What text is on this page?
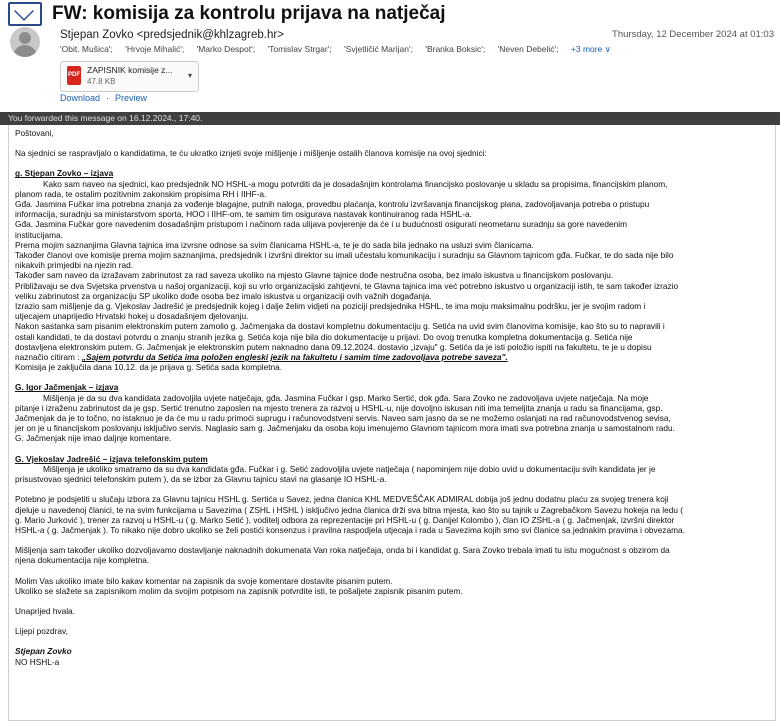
FW: komisija za kontrolu prijava na natječaj
Stjepan Zovko <predsjednik@khlzagreb.hr>	Thursday, 12 December 2024 at 01:03
'Obit. Mušica'; 'Hrvoje Mihalić'; 'Marko Despot'; 'Tomislav Strgar'; 'Svjetličić Marijan'; 'Branka Boksic'; 'Neven Debelić'; +3 more ∨
PDF ZAPISNIK komisije z...
47.8 KB
▾
Download · Preview
You forwarded this message on 16.12.2024., 17:40.

Poštovani,

Na sjednici se raspravljalo o kandidatima, te ću ukratko iznjeti svoje mišljenje i mišljenje ostalih članova komisije na ovoj sjednici:

g. Stjepan Zovko – izjava

Kako sam naveo na sjednici, kao predsjednik NO HSHL-a mogu potvrditi da je dosadašnjim kontrolama financijsko poslovanje u skladu sa propisima, financijskim planom,

planom rada, te ostalim pozitivnim zakonskim propisima RH i IIHF-a.

Gđa. Jasmina Fučkar ima potrebna znanja za vođenje blagajne, putnih naloga, provedbu plaćanja, kontrolu izvršavanja financijskog plana, zadovoljavanja potreba o pristupu

informacija, suradnju sa ministarstvom sporta, HOO i IIHF-om, te samim tim osigurava nastavak kontinuiranog rada HSHL-a.

Gđa. Jasmina Fučkar gore navedenim dosadašnjim pristupom i načinom rada ulijava povjerenje da će i u budućnosti osigurati neometanu suradnju sa gore navedenim

institucijama.

Prema mojim saznanjima Glavna tajnica ima izvrsne odnose sa svim članicama HSHL-a, te je do sada bila jednako na usluzi svim članicama.

Također članovi ove komisije prema mojim saznanjima, predsjednik i izvršni direktor su imali učestalu komunikaciju i suradnju sa Glavnom tajnicom gđa. Fučkar, te do sada nije bilo

nikakvih primjedbi na njezin rad.

Također sam naveo da izražavam zabrinutost za rad saveza ukoliko na mjesto Glavne tajnice dođe nestručna osoba, bez imalo iskustva u financijskom poslovanju.

Približavaju se dva Svjetska prvenstva u našoj organizaciji, koji su vrlo organizacijski zahtjevni, te Glavna tajnica ima već potrebno iskustvo u organizaciji istih, te sam također izrazio

veliku zabrinutost za organizaciju SP ukoliko dođe osoba bez imalo iskustva u organizaciji ovih važnih događanja.

Izrazio sam mišljenje da g. Vjekoslav Jadrešić je predsjednik kojeg i dalje želim vidjeti na poziciji predsjednika HSHL, te ima moju maksimalnu podršku, jer je svojim radom i

utjecajem unaprijedio Hrvatski hokej u dosadašnjem djelovanju.

Nakon sastanka sam pisanim elektronskim putem zamolio g. Jačmenjaka da dostavi kompletnu dokumentaciju g. Setića na uvid svim članovima komisije, kao što su to napravili i

ostali kandidati, te da dostavi potvrdu o znanju stranih jezika g. Setića koja nije bila dio dokumentacije u prijavi. Do ovog trenutka kompletna dokumentacija g. Setića nije

dostavljena elektronskim putem. G. Jačmenjak je elektronskim putem naknadno dana 09.12.2024. dostavio „izvaju" g. Setića da je isti položio ispiti na fakultetu, te je u dopisu

naznačio citiram : „Sajem potvrdu da Setića ima položen engleski jezik na fakultetu i samim time zadovoljava potrebe saveza".

Komisija je zaključila dana 10.12. da je prijava g. Setića sada kompletna.

G. Igor Jačmenjak – izjava

Mišljenja je da su dva kandidata zadovoljila uvjete natječaja, gđa. Jasmina Fučkar i gsp. Marko Sertić, dok gđa. Sara Zovko ne zadovoljava uvjete natječaja. Na moje

pitanje i izraženu zabrinutost da je gsp. Sertić trenutno zaposlen na mjesto trenera za razvoj u HSHL-u, nije dovoljno iskusan niti ima temeljita znanja u radu sa financijama, gsp.

Jačmenjak da je to točno, no istaknuo je da će mu u radu primoći suprugu i računovodstveni servis. Naveo sam jasno da se ne možemo oslanjati na rad računovodstvenog sevisa,

jer on je u financijskom poslovanju isključivo servis. Naglasio sam g. Jačmenjaku da osoba koju imenujemo Glavnom tajnicom mora imati sva potrebna znanja u samostalnom radu.

G. Jačmenjak nije imao daljnje komentare.

G. Vjekoslav Jadrešić – izjava telefonskim putem

Mišljenja je ukoliko smatramo da su dva kandidata gđa. Fučkar i g. Setić zadovoljila uvjete natječaja ( napominjem nije dobio uvid u dokumentaciju svih kandidata jer je

prisustvovao sjednici telefonskim putem ), da se izbor za Glavnu tajnicu stavi na glasanje IO HSHL-a.

Potebno je podsjetiti u slučaju izbora za Glavnu tajnicu HSHL g. Sertića u Savez, jedna članica KHL MEDVEŠČAK ADMIRAL dobija još jednu dodatnu plaću za svojeg trenera koji

djeluje u navedenoj članici, te na svim funkcijama u Savezima ( ZSHL i HSHL ) isključivo jedna članica drži sva bitna mjesta, kao što su tajnik u Zagrebačkom Savezu hokeja na ledu (

g. Mario Jurković ), trener za razvoj u HSHL-u ( g. Marko Setić ), voditelj odbora za reprezentacije pri HSHL-u ( g. Danijel Kolombo ), član IO ZSHL-a ( g. Jačmenjak, izvršni direktor

HSHL-a ( g. Jačmenjak ). To nikako nije dobro ukoliko se želi postići konsenzus i pravilna raspodjela utjecaja i rada u Savezima kojih smo svi članice sa jednakim pravima i obvezama.

Mišljenja sam također ukoliko dozvoljavamo dostavljanje naknadnih dokumenata Van roka natječaja, onda bi i kandidat g. Sara Zovko trebala imati tu istu mogućnost s obzirom da

njena dokumentacija nije kompletna.

Molim Vas ukoliko imate bilo kakav komentar na zapisnik da svoje komentare dostavite pisanim putem.

Ukoliko se slažete sa zapisnikom molim da svojim potpisom na zapisnik potvrdite isti, te pošaljete zapisnik pisanim putem.

Unaprijed hvala.

Lijepi pozdrav,

Stjepan Zovko

NO HSHL-a
